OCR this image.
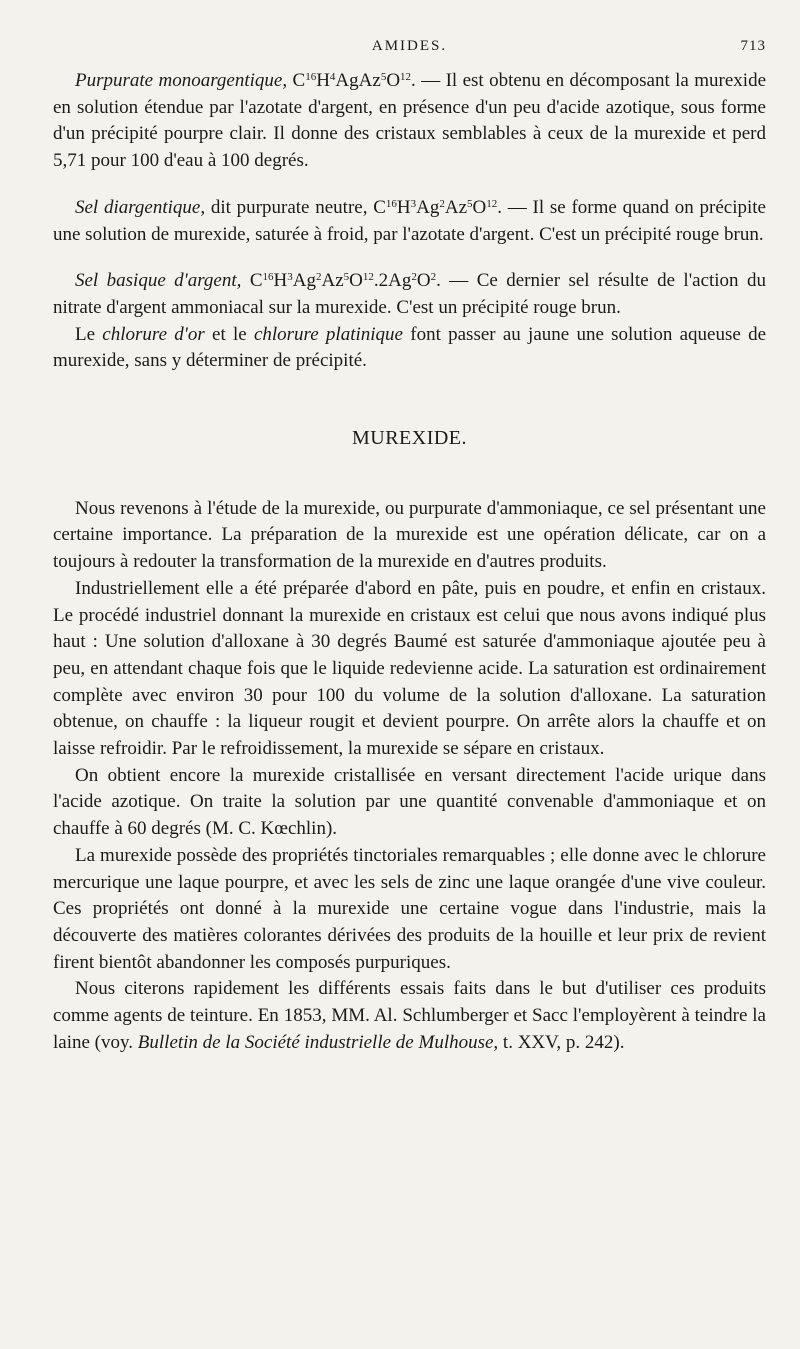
AMIDES.	713

Purpurate monoargentique, $C^{16}H^4AgAz^5O^{12}$. — Il est obtenu en décomposant la murexide en solution étendue par l'azotate d'argent, en présence d'un peu d'acide azotique, sous forme d'un précipité pourpre clair. Il donne des cristaux semblables à ceux de la murexide et perd 5,71 pour 100 d'eau à 100 degrés.

Sel diargentique, dit purpurate neutre, $C^{16}H^3Ag^2Az^5O^{12}$. — Il se forme quand on précipite une solution de murexide, saturée à froid, par l'azotate d'argent. C'est un précipité rouge brun.

Sel basique d'argent, $C^{16}H^3Ag^2Az^5O^{12}.2Ag^2O^2$. — Ce dernier sel résulte de l'action du nitrate d'argent ammoniacal sur la murexide. C'est un précipité rouge brun.

Le chlorure d'or et le chlorure platinique font passer au jaune une solution aqueuse de murexide, sans y déterminer de précipité.

MUREXIDE.

Nous revenons à l'étude de la murexide, ou purpurate d'ammoniaque, ce sel présentant une certaine importance. La préparation de la murexide est une opération délicate, car on a toujours à redouter la transformation de la murexide en d'autres produits.

Industriellement elle a été préparée d'abord en pâte, puis en poudre, et enfin en cristaux. Le procédé industriel donnant la murexide en cristaux est celui que nous avons indiqué plus haut : Une solution d'alloxane à 30 degrés Baumé est saturée d'ammoniaque ajoutée peu à peu, en attendant chaque fois que le liquide redevienne acide. La saturation est ordinairement complète avec environ 30 pour 100 du volume de la solution d'alloxane. La saturation obtenue, on chauffe : la liqueur rougit et devient pourpre. On arrête alors la chauffe et on laisse refroidir. Par le refroidissement, la murexide se sépare en cristaux.

On obtient encore la murexide cristallisée en versant directement l'acide urique dans l'acide azotique. On traite la solution par une quantité convenable d'ammoniaque et on chauffe à 60 degrés (M. C. Kœchlin).

La murexide possède des propriétés tinctoriales remarquables ; elle donne avec le chlorure mercurique une laque pourpre, et avec les sels de zinc une laque orangée d'une vive couleur. Ces propriétés ont donné à la murexide une certaine vogue dans l'industrie, mais la découverte des matières colorantes dérivées des produits de la houille et leur prix de revient firent bientôt abandonner les composés purpuriques.

Nous citerons rapidement les différents essais faits dans le but d'utiliser ces produits comme agents de teinture. En 1853, MM. Al. Schlumberger et Sacc l'employèrent à teindre la laine (voy. Bulletin de la Société industrielle de Mulhouse, t. XXV, p. 242).
